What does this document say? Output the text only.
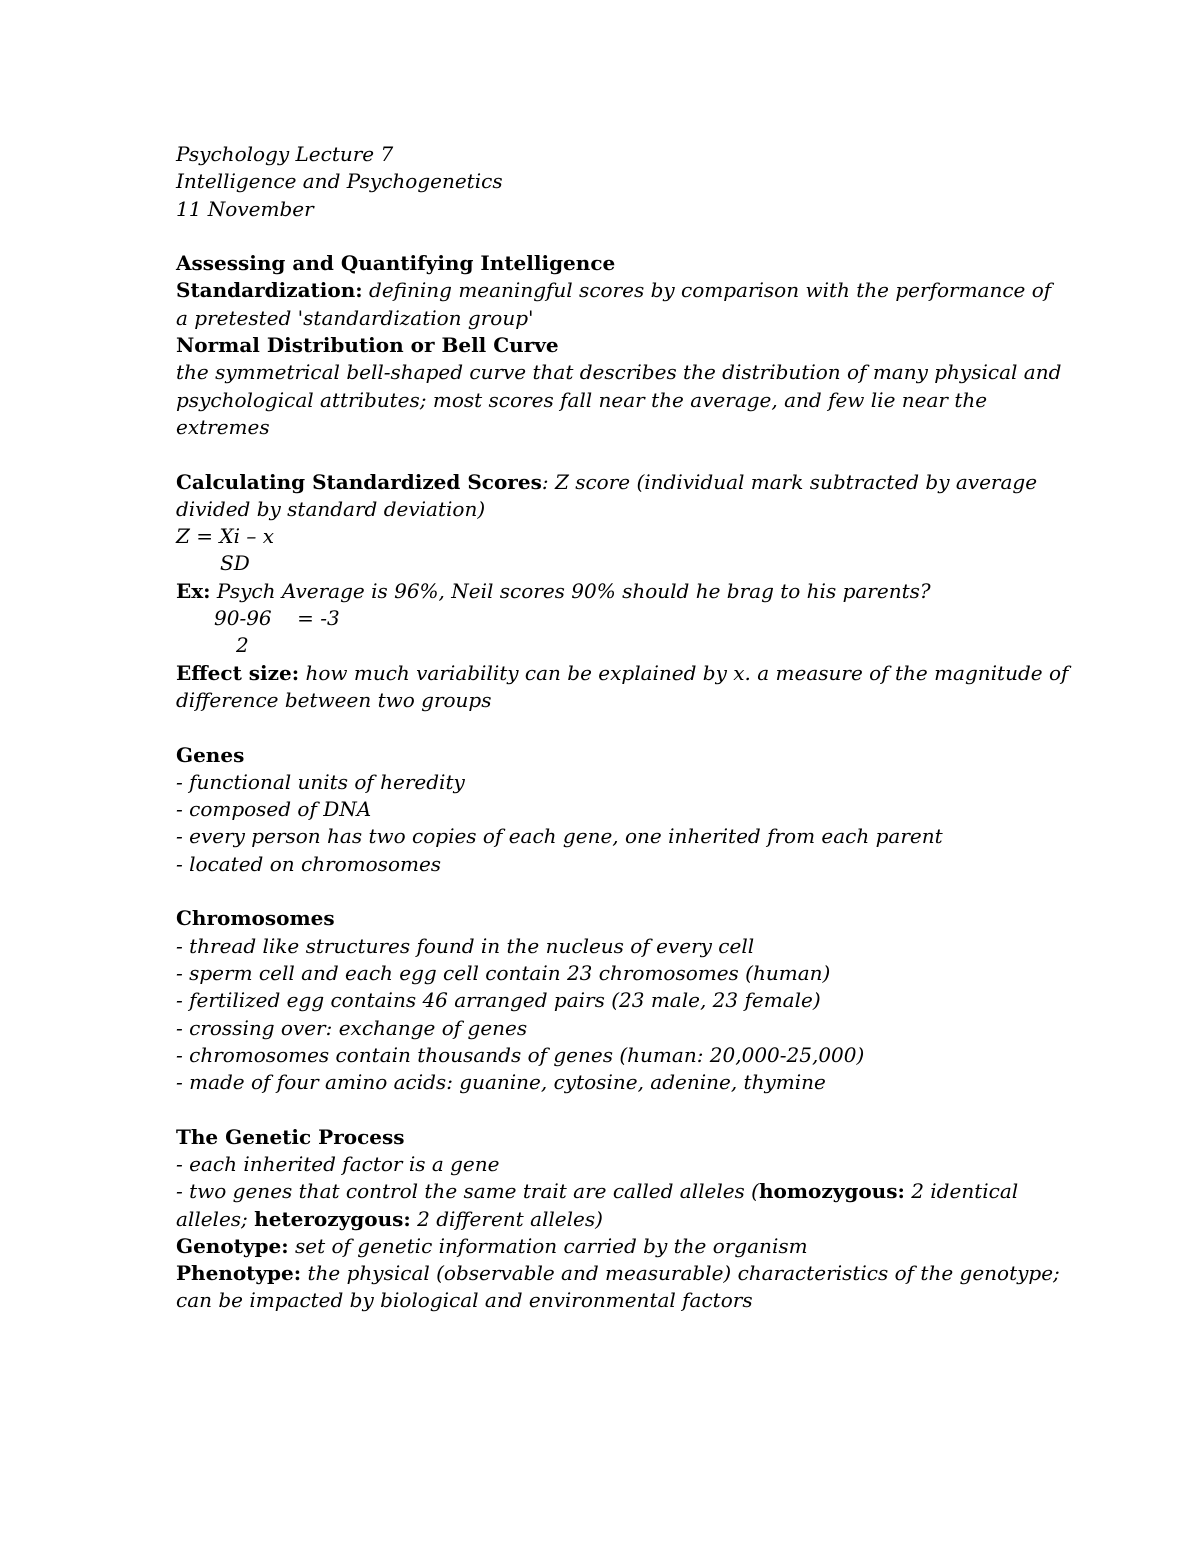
Psychology Lecture 7
Intelligence and Psychogenetics
11 November
Assessing and Quantifying Intelligence
Standardization: defining meaningful scores by comparison with the performance of
a pretested 'standardization group'
Normal Distribution or Bell Curve
the symmetrical bell-shaped curve that describes the distribution of many physical and
psychological attributes; most scores fall near the average, and few lie near the
extremes
Calculating Standardized Scores: Z score (individual mark subtracted by average
divided by standard deviation)
Z = Xi – x
SD
Ex: Psych Average is 96%, Neil scores 90% should he brag to his parents?
90-96    = -3
2
Effect size: how much variability can be explained by x. a measure of the magnitude of
difference between two groups
Genes
- functional units of heredity
- composed of DNA
- every person has two copies of each gene, one inherited from each parent
- located on chromosomes
Chromosomes
- thread like structures found in the nucleus of every cell
- sperm cell and each egg cell contain 23 chromosomes (human)
- fertilized egg contains 46 arranged pairs (23 male, 23 female)
- crossing over: exchange of genes
- chromosomes contain thousands of genes (human: 20,000-25,000)
- made of four amino acids: guanine, cytosine, adenine, thymine
The Genetic Process
- each inherited factor is a gene
- two genes that control the same trait are called alleles (homozygous: 2 identical
alleles; heterozygous: 2 different alleles)
Genotype: set of genetic information carried by the organism
Phenotype: the physical (observable and measurable) characteristics of the genotype;
can be impacted by biological and environmental factors
